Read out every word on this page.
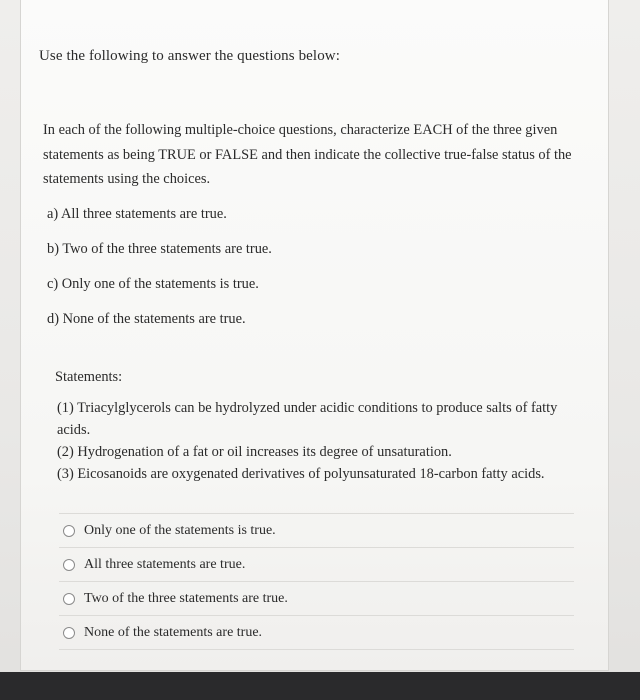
Use the following to answer the questions below:
In each of the following multiple-choice questions, characterize EACH of the three given statements as being TRUE or FALSE and then indicate the collective true-false status of the statements using the choices.
a) All three statements are true.
b) Two of the three statements are true.
c) Only one of the statements is true.
d) None of the statements are true.
Statements:

(1) Triacylglycerols can be hydrolyzed under acidic conditions to produce salts of fatty acids.

(2) Hydrogenation of a fat or oil increases its degree of unsaturation.

(3) Eicosanoids are oxygenated derivatives of polyunsaturated 18-carbon fatty acids.

Only one of the statements is true.
All three statements are true.
Two of the three statements are true.
None of the statements are true.
